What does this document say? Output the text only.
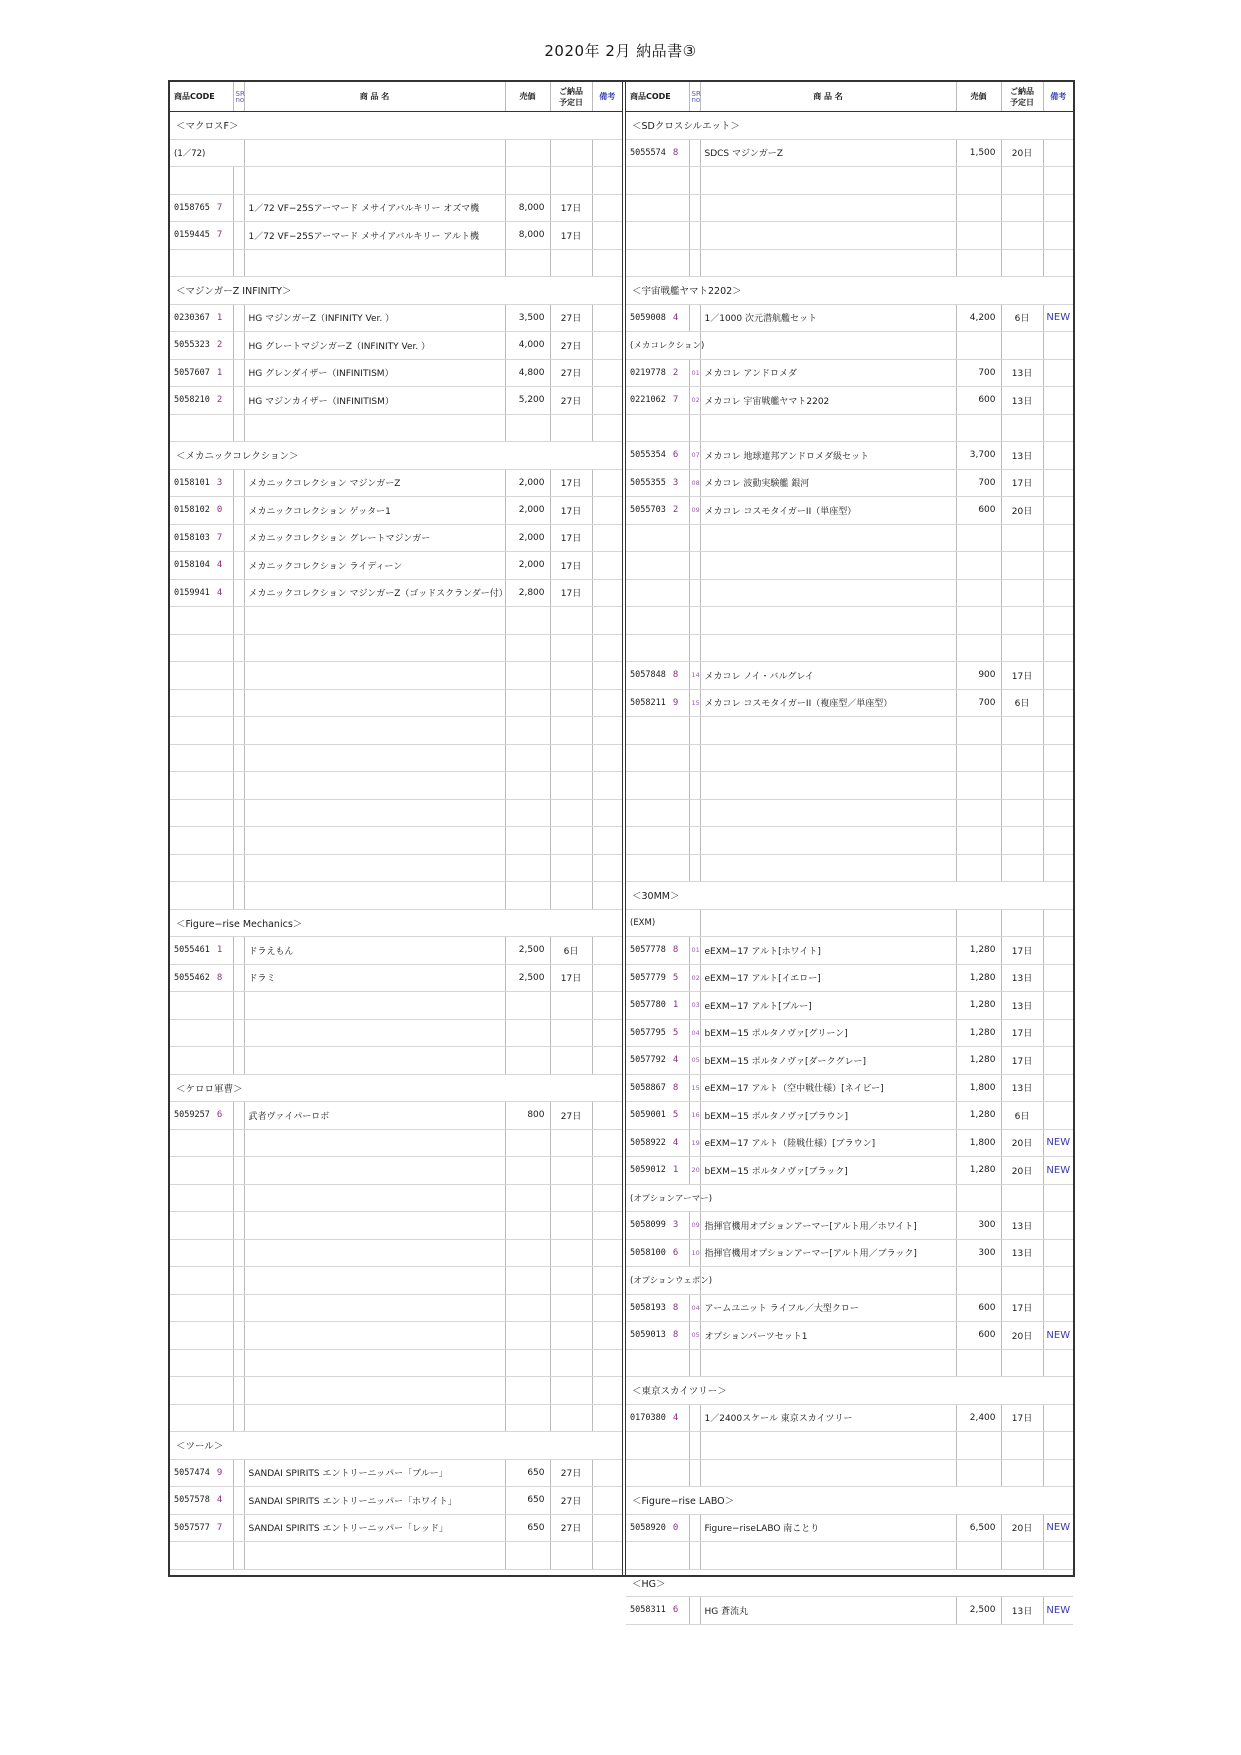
2020年 2月 納品書③
商品CODE	SR
no	商 品 名	売価	ご納品
予定日	備考
＜マクロスF＞					
(1／72)					

0158765 7		1／72 VF−25Sアーマード メサイアバルキリー オズマ機	8,000	17日	
0159445 7		1／72 VF−25Sアーマード メサイアバルキリー アルト機	8,000	17日	

＜マジンガーZ INFINITY＞					
0230367 1		HG マジンガーZ（INFINITY Ver. ）	3,500	27日	
5055323 2		HG グレートマジンガーZ（INFINITY Ver. ）	4,000	27日	
5057607 1		HG グレンダイザー（INFINITISM）	4,800	27日	
5058210 2		HG マジンカイザー（INFINITISM）	5,200	27日	

＜メカニックコレクション＞					
0158101 3		メカニックコレクション マジンガーZ	2,000	17日	
0158102 0		メカニックコレクション ゲッター1	2,000	17日	
0158103 7		メカニックコレクション グレートマジンガー	2,000	17日	
0158104 4		メカニックコレクション ライディーン	2,000	17日	
0159941 4		メカニックコレクション マジンガーZ（ゴッドスクランダー付）	2,800	17日	

＜Figure−rise Mechanics＞					
5055461 1		ドラえもん	2,500	6日	
5055462 8		ドラミ	2,500	17日	

＜ケロロ軍曹＞					
5059257 6		武者ヴァイパーロボ	800	27日	

＜ツール＞					
5057474 9		SANDAI SPIRITS エントリーニッパー「ブルー」	650	27日	
5057578 4		SANDAI SPIRITS エントリーニッパー「ホワイト」	650	27日	
5057577 7		SANDAI SPIRITS エントリーニッパー「レッド」	650	27日	

商品CODE	SR
no	商 品 名	売価	ご納品
予定日	備考
＜SDクロスシルエット＞					
5055574 8		SDCS マジンガーZ	1,500	20日	

＜宇宙戦艦ヤマト2202＞					
5059008 4		1／1000 次元潜航艦セット	4,200	6日	NEW
(メカコレクション)					
0219778 2	01	メカコレ アンドロメダ	700	13日	
0221062 7	02	メカコレ 宇宙戦艦ヤマト2202	600	13日	

5055354 6	07	メカコレ 地球連邦アンドロメダ級セット	3,700	13日	
5055355 3	08	メカコレ 波動実験艦 銀河	700	17日	
5055703 2	09	メカコレ コスモタイガーII（単座型）	600	20日	

5057848 8	14	メカコレ ノイ・バルグレイ	900	17日	
5058211 9	15	メカコレ コスモタイガーII（複座型／単座型）	700	6日	

＜30MM＞					
(EXM)					
5057778 8	01	eEXM−17 アルト[ホワイト]	1,280	17日	
5057779 5	02	eEXM−17 アルト[イエロー]	1,280	13日	
5057780 1	03	eEXM−17 アルト[ブルー]	1,280	13日	
5057795 5	04	bEXM−15 ポルタノヴァ[グリーン]	1,280	17日	
5057792 4	05	bEXM−15 ポルタノヴァ[ダークグレー]	1,280	17日	
5058867 8	15	eEXM−17 アルト（空中戦仕様）[ネイビー]	1,800	13日	
5059001 5	16	bEXM−15 ポルタノヴァ[ブラウン]	1,280	6日	
5058922 4	19	eEXM−17 アルト（陸戦仕様）[ブラウン]	1,800	20日	NEW
5059012 1	20	bEXM−15 ポルタノヴァ[ブラック]	1,280	20日	NEW
(オプションアーマー)					
5058099 3	09	指揮官機用オプションアーマー[アルト用／ホワイト]	300	13日	
5058100 6	10	指揮官機用オプションアーマー[アルト用／ブラック]	300	13日	
(オプションウェポン)					
5058193 8	04	アームユニット ライフル／大型クロー	600	17日	
5059013 8	05	オプションパーツセット1	600	20日	NEW

＜東京スカイツリー＞					
0170380 4		1／2400スケール 東京スカイツリー	2,400	17日	

＜Figure−rise LABO＞					
5058920 0		Figure−riseLABO 南ことり	6,500	20日	NEW

＜HG＞					
5058311 6		HG 蒼流丸	2,500	13日	NEW
